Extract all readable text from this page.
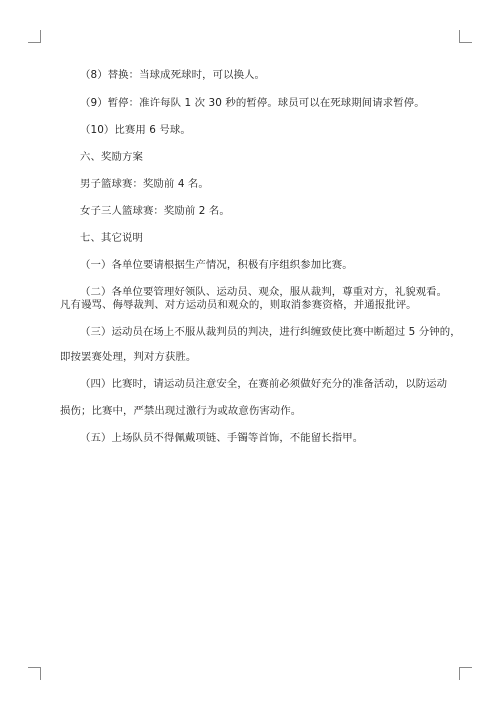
（8）替换：当球成死球时，可以换人。
（9）暂停：准许每队 1 次 30 秒的暂停。球员可以在死球期间请求暂停。
（10）比赛用 6 号球。
六、奖励方案
男子篮球赛：奖励前 4 名。
女子三人篮球赛：奖励前 2 名。
七、其它说明
（一）各单位要请根据生产情况，积极有序组织参加比赛。
（二）各单位要管理好领队、运动员、观众，服从裁判，尊重对方，礼貌观看。
凡有谩骂、侮辱裁判、对方运动员和观众的，则取消参赛资格，并通报批评。
（三）运动员在场上不服从裁判员的判决，进行纠缠致使比赛中断超过 5 分钟的，
即按罢赛处理，判对方获胜。
（四）比赛时，请运动员注意安全，在赛前必须做好充分的准备活动，以防运动
损伤；比赛中，严禁出现过激行为或故意伤害动作。
（五）上场队员不得佩戴项链、手镯等首饰，不能留长指甲。
